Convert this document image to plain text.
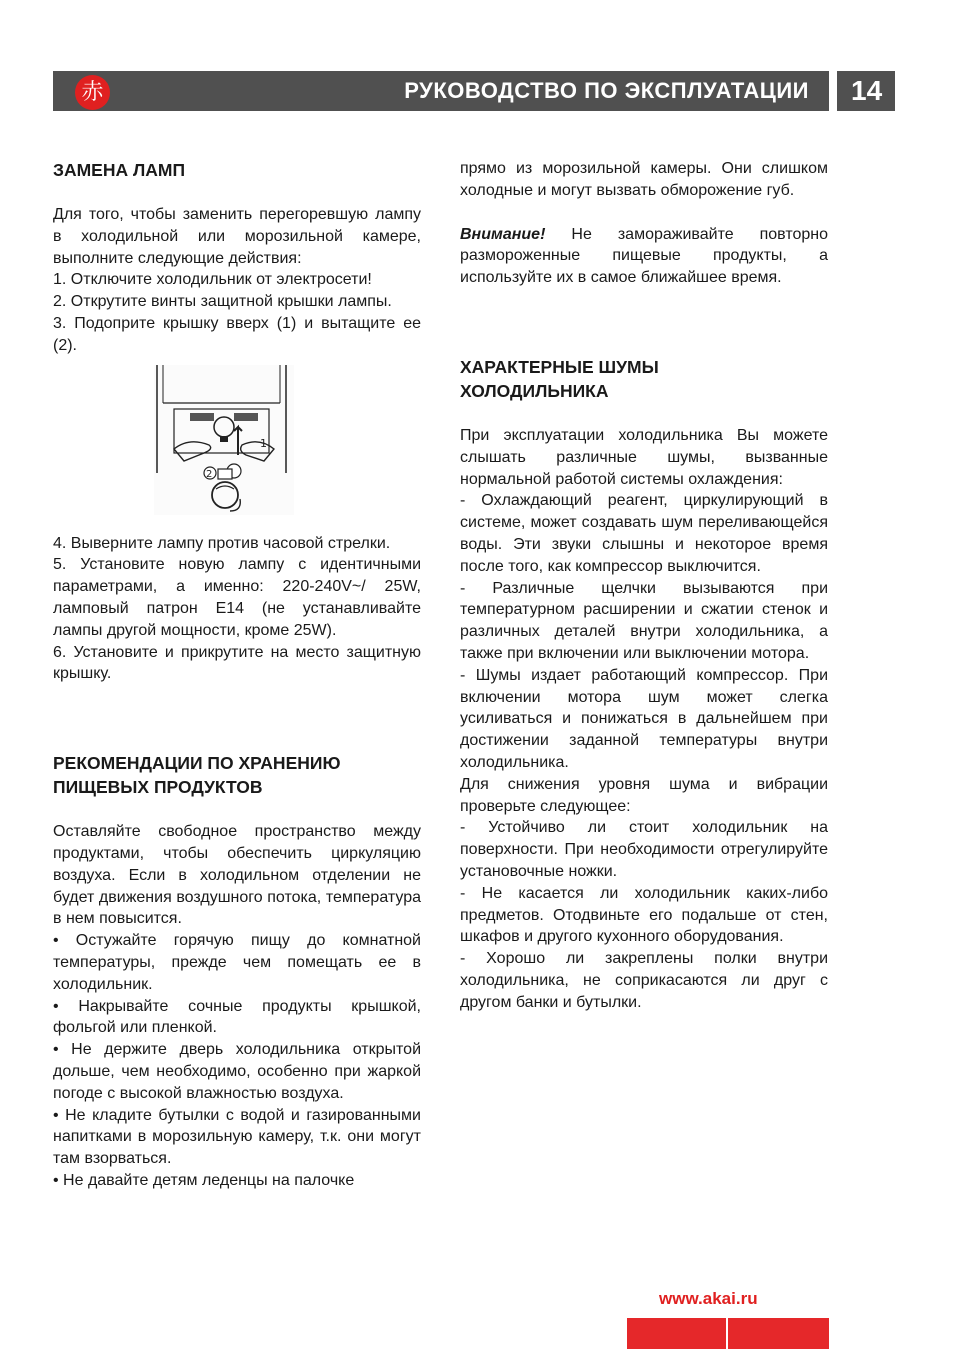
赤	РУКОВОДСТВО ПО ЭКСПЛУАТАЦИИ	14
ЗАМЕНА ЛАМП

Для того, чтобы заменить перегоревшую лампу в холодильной или морозильной камере, выполните следующие действия:

1. Отключите холодильник от электросети!

2. Открутите винты защитной крышки лампы.

3. Подоприте крышку вверх (1) и вытащите ее (2).

1
2

4. Выверните лампу против часовой стрелки.

5. Установите новую лампу с идентичными параметрами, а именно: 220-240V~/ 25W, ламповый патрон E14 (не устанавливайте лампы другой мощности, кроме 25W).

6. Установите и прикрутите на место защитную крышку.

РЕКОМЕНДАЦИИ ПО ХРАНЕНИЮ
ПИЩЕВЫХ ПРОДУКТОВ

Оставляйте свободное пространство между продуктами, чтобы обеспечить циркуляцию воздуха. Если в холодильном отделении не будет движения воздушного потока, температура в нем повысится.

• Остужайте горячую пищу до комнатной температуры, прежде чем помещать ее в холодильник.

• Накрывайте сочные продукты крышкой, фольгой или пленкой.

• Не держите дверь холодильника открытой дольше, чем необходимо, особенно при жаркой погоде с высокой влажностью воздуха.

• Не кладите бутылки с водой и газированными напитками в морозильную камеру, т.к. они могут там взорваться.

• Не давайте детям леденцы на палочке

прямо из морозильной камеры. Они слишком холодные и могут вызвать обморожение губ.

Внимание! Не замораживайте повторно размороженные пищевые продукты, а используйте их в самое ближайшее время.

ХАРАКТЕРНЫЕ ШУМЫ
ХОЛОДИЛЬНИКА

При эксплуатации холодильника Вы можете слышать различные шумы, вызванные нормальной работой системы охлаждения:

- Охлаждающий реагент, циркулирующий в системе, может создавать шум переливающейся воды. Эти звуки слышны и некоторое время после того, как компрессор выключится.

- Различные щелчки вызываются при температурном расширении и сжатии стенок и различных деталей внутри холодильника, а также при включении или выключении мотора.

- Шумы издает работающий компрессор. При включении мотора шум может слегка усиливаться и понижаться в дальнейшем при достижении заданной температуры внутри холодильника.

Для снижения уровня шума и вибрации проверьте следующее:

- Устойчиво ли стоит холодильник на поверхности. При необходимости отрегулируйте установочные ножки.

- Не касается ли холодильник каких-либо предметов. Отодвиньте его подальше от стен, шкафов и другого кухонного оборудования.

- Хорошо ли закреплены полки внутри холодильника, не соприкасаются ли друг с другом банки и бутылки.

www.akai.ru
